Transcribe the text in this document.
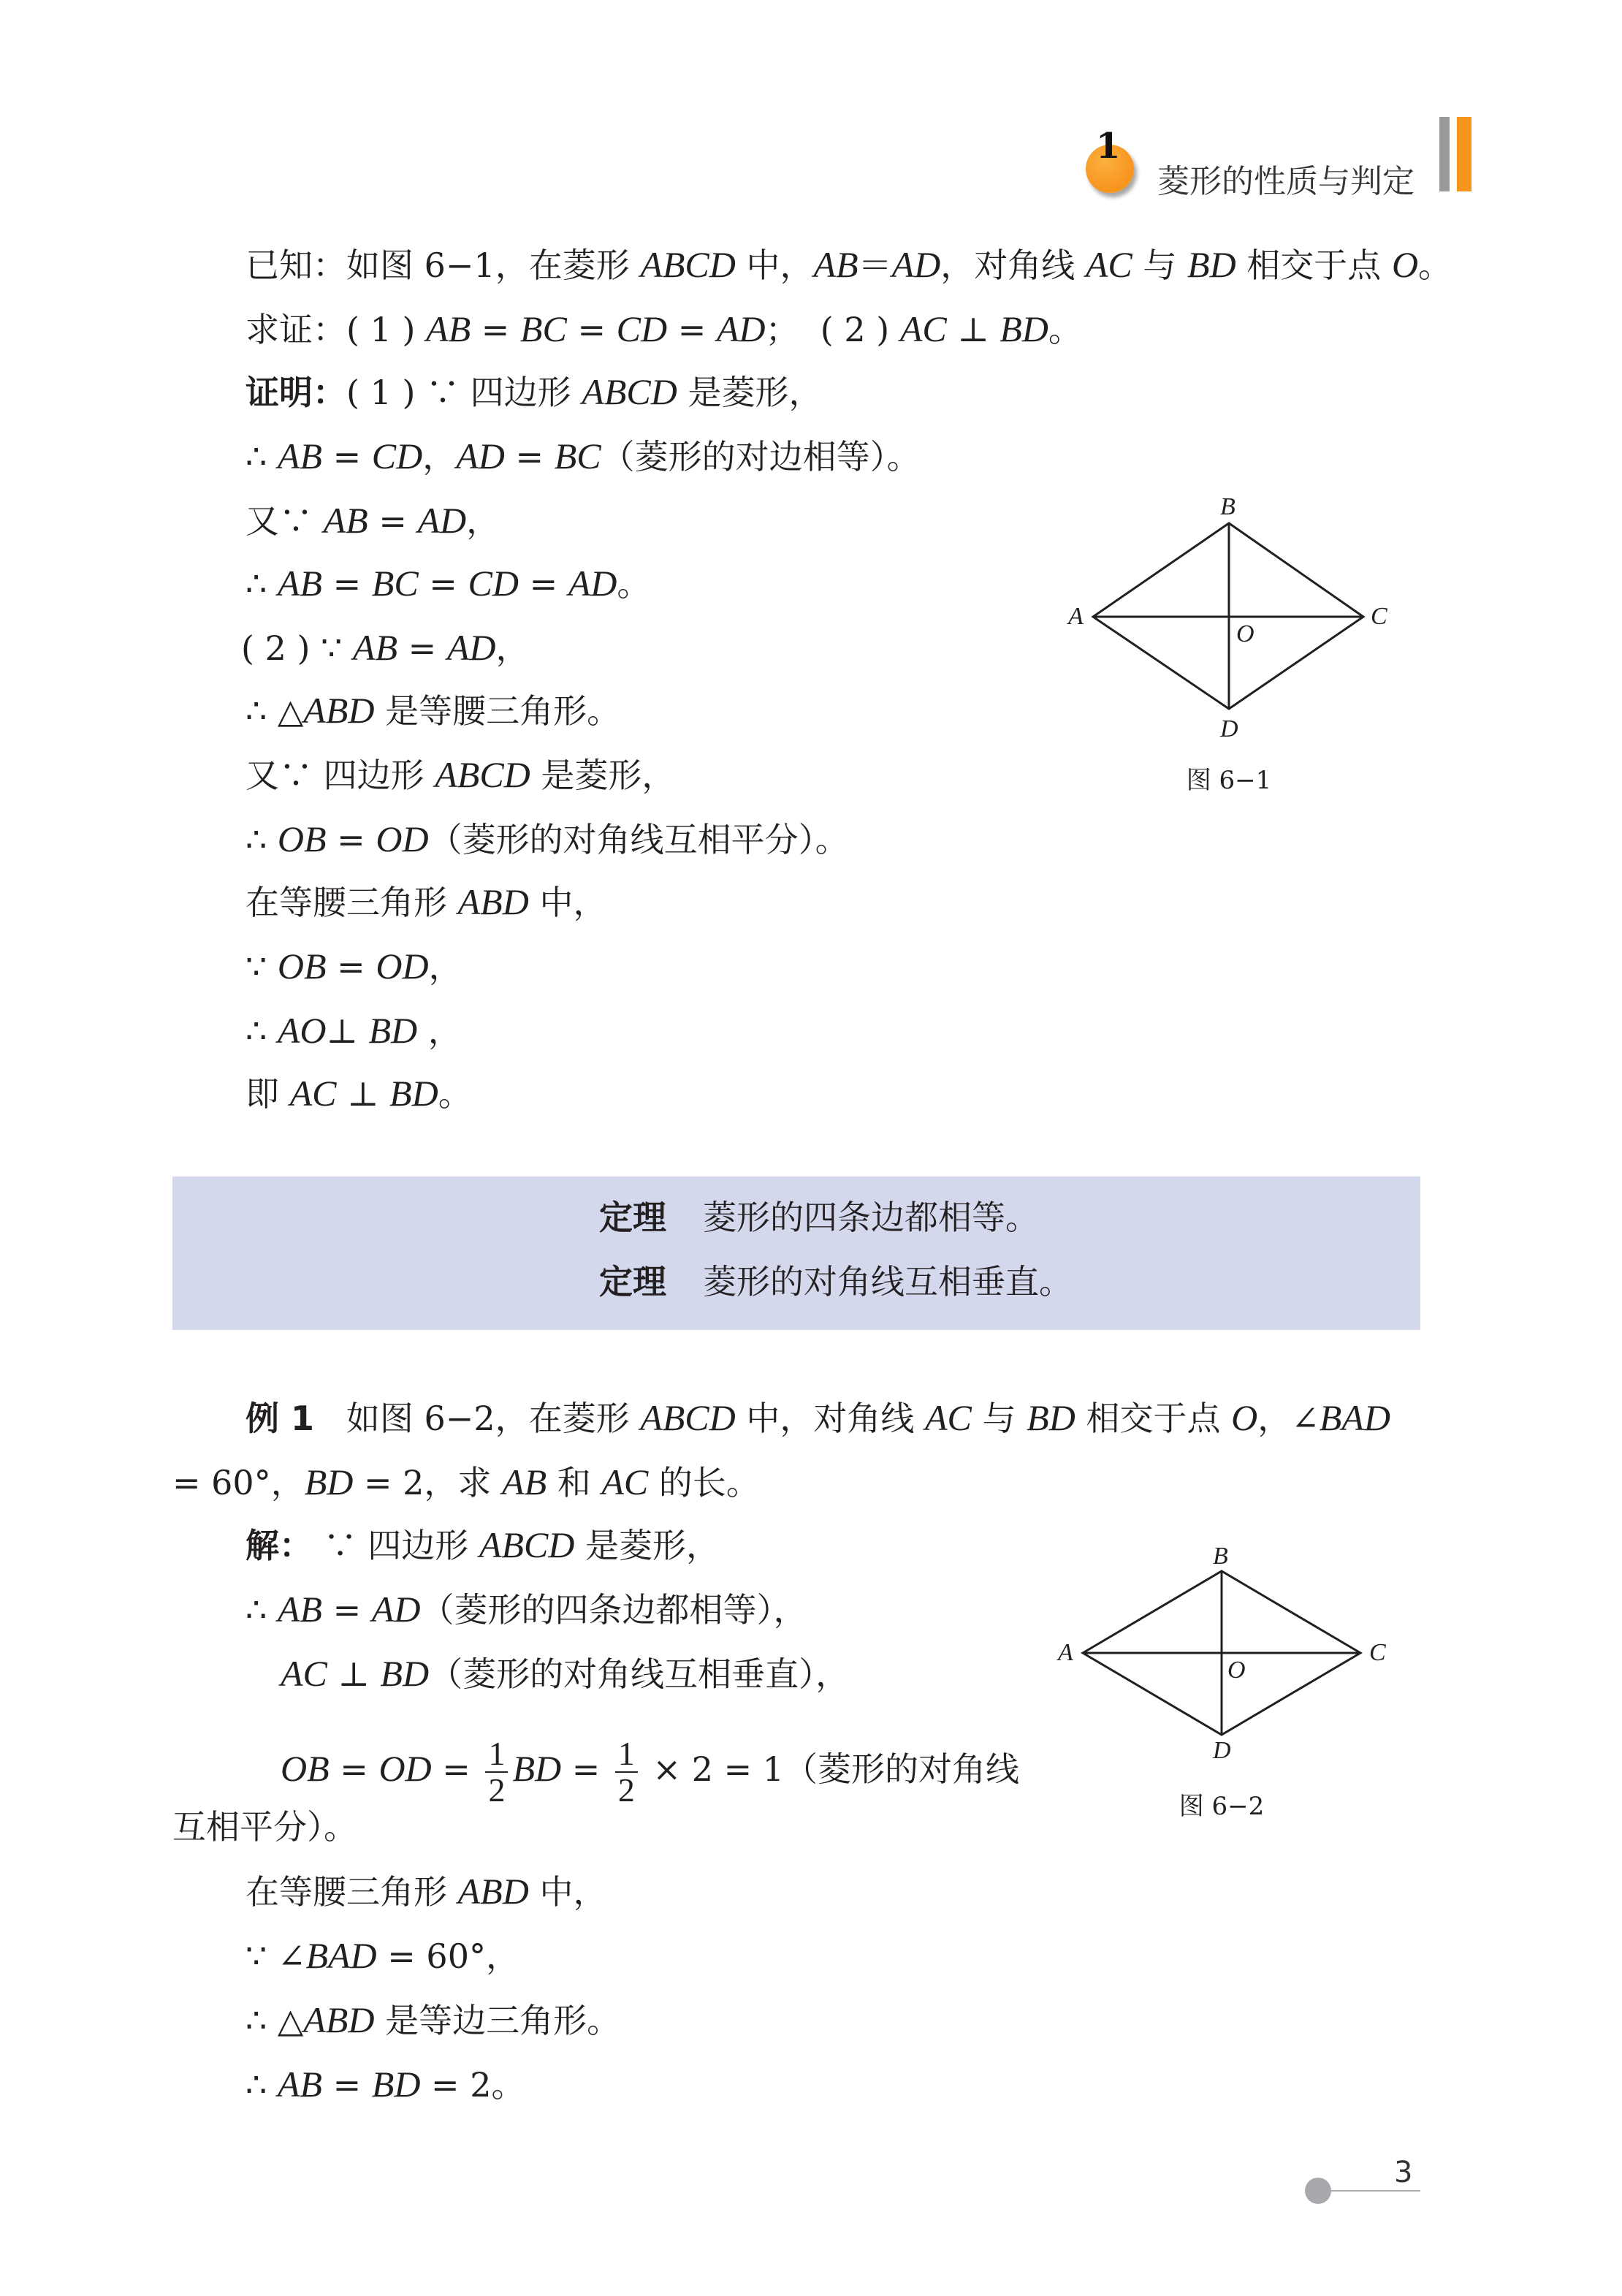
1
菱形的性质与判定
已知：如图 6−1，在菱形 ABCD 中，AB＝AD，对角线 AC 与 BD 相交于点 O。
求证：( 1 ) AB = BC = CD = AD；  ( 2 ) AC ⊥ BD。
证明：( 1 ) ∵ 四边形 ABCD 是菱形，
∴ AB = CD，AD = BC（菱形的对边相等）。
又∵ AB = AD，
∴ AB = BC = CD = AD。
( 2 ) ∵ AB = AD，
∴ △ABD 是等腰三角形。
又∵ 四边形 ABCD 是菱形，
∴ OB = OD（菱形的对角线互相平分）。
在等腰三角形 ABD 中，
∵ OB = OD，
∴ AO⊥ BD ，
即 AC ⊥ BD。
定理 菱形的四条边都相等。
定理 菱形的对角线互相垂直。
例 1   如图 6−2，在菱形 ABCD 中，对角线 AC 与 BD 相交于点 O，∠BAD
= 60°，BD = 2，求 AB 和 AC 的长。
解： ∵ 四边形 ABCD 是菱形，
∴ AB = AD（菱形的四条边都相等），
AC ⊥ BD（菱形的对角线互相垂直），
OB = OD = $\frac{1}{2}$ BD = $\frac{1}{2} \times 2 = 1$（菱形的对角线
互相平分）。
在等腰三角形 ABD 中，
∵ ∠BAD = 60°，
∴ △ABD 是等边三角形。
∴ AB = BD = 2。
B
A	C
O
D
图 6−1
B
A	C
O
D
图 6−2
3
